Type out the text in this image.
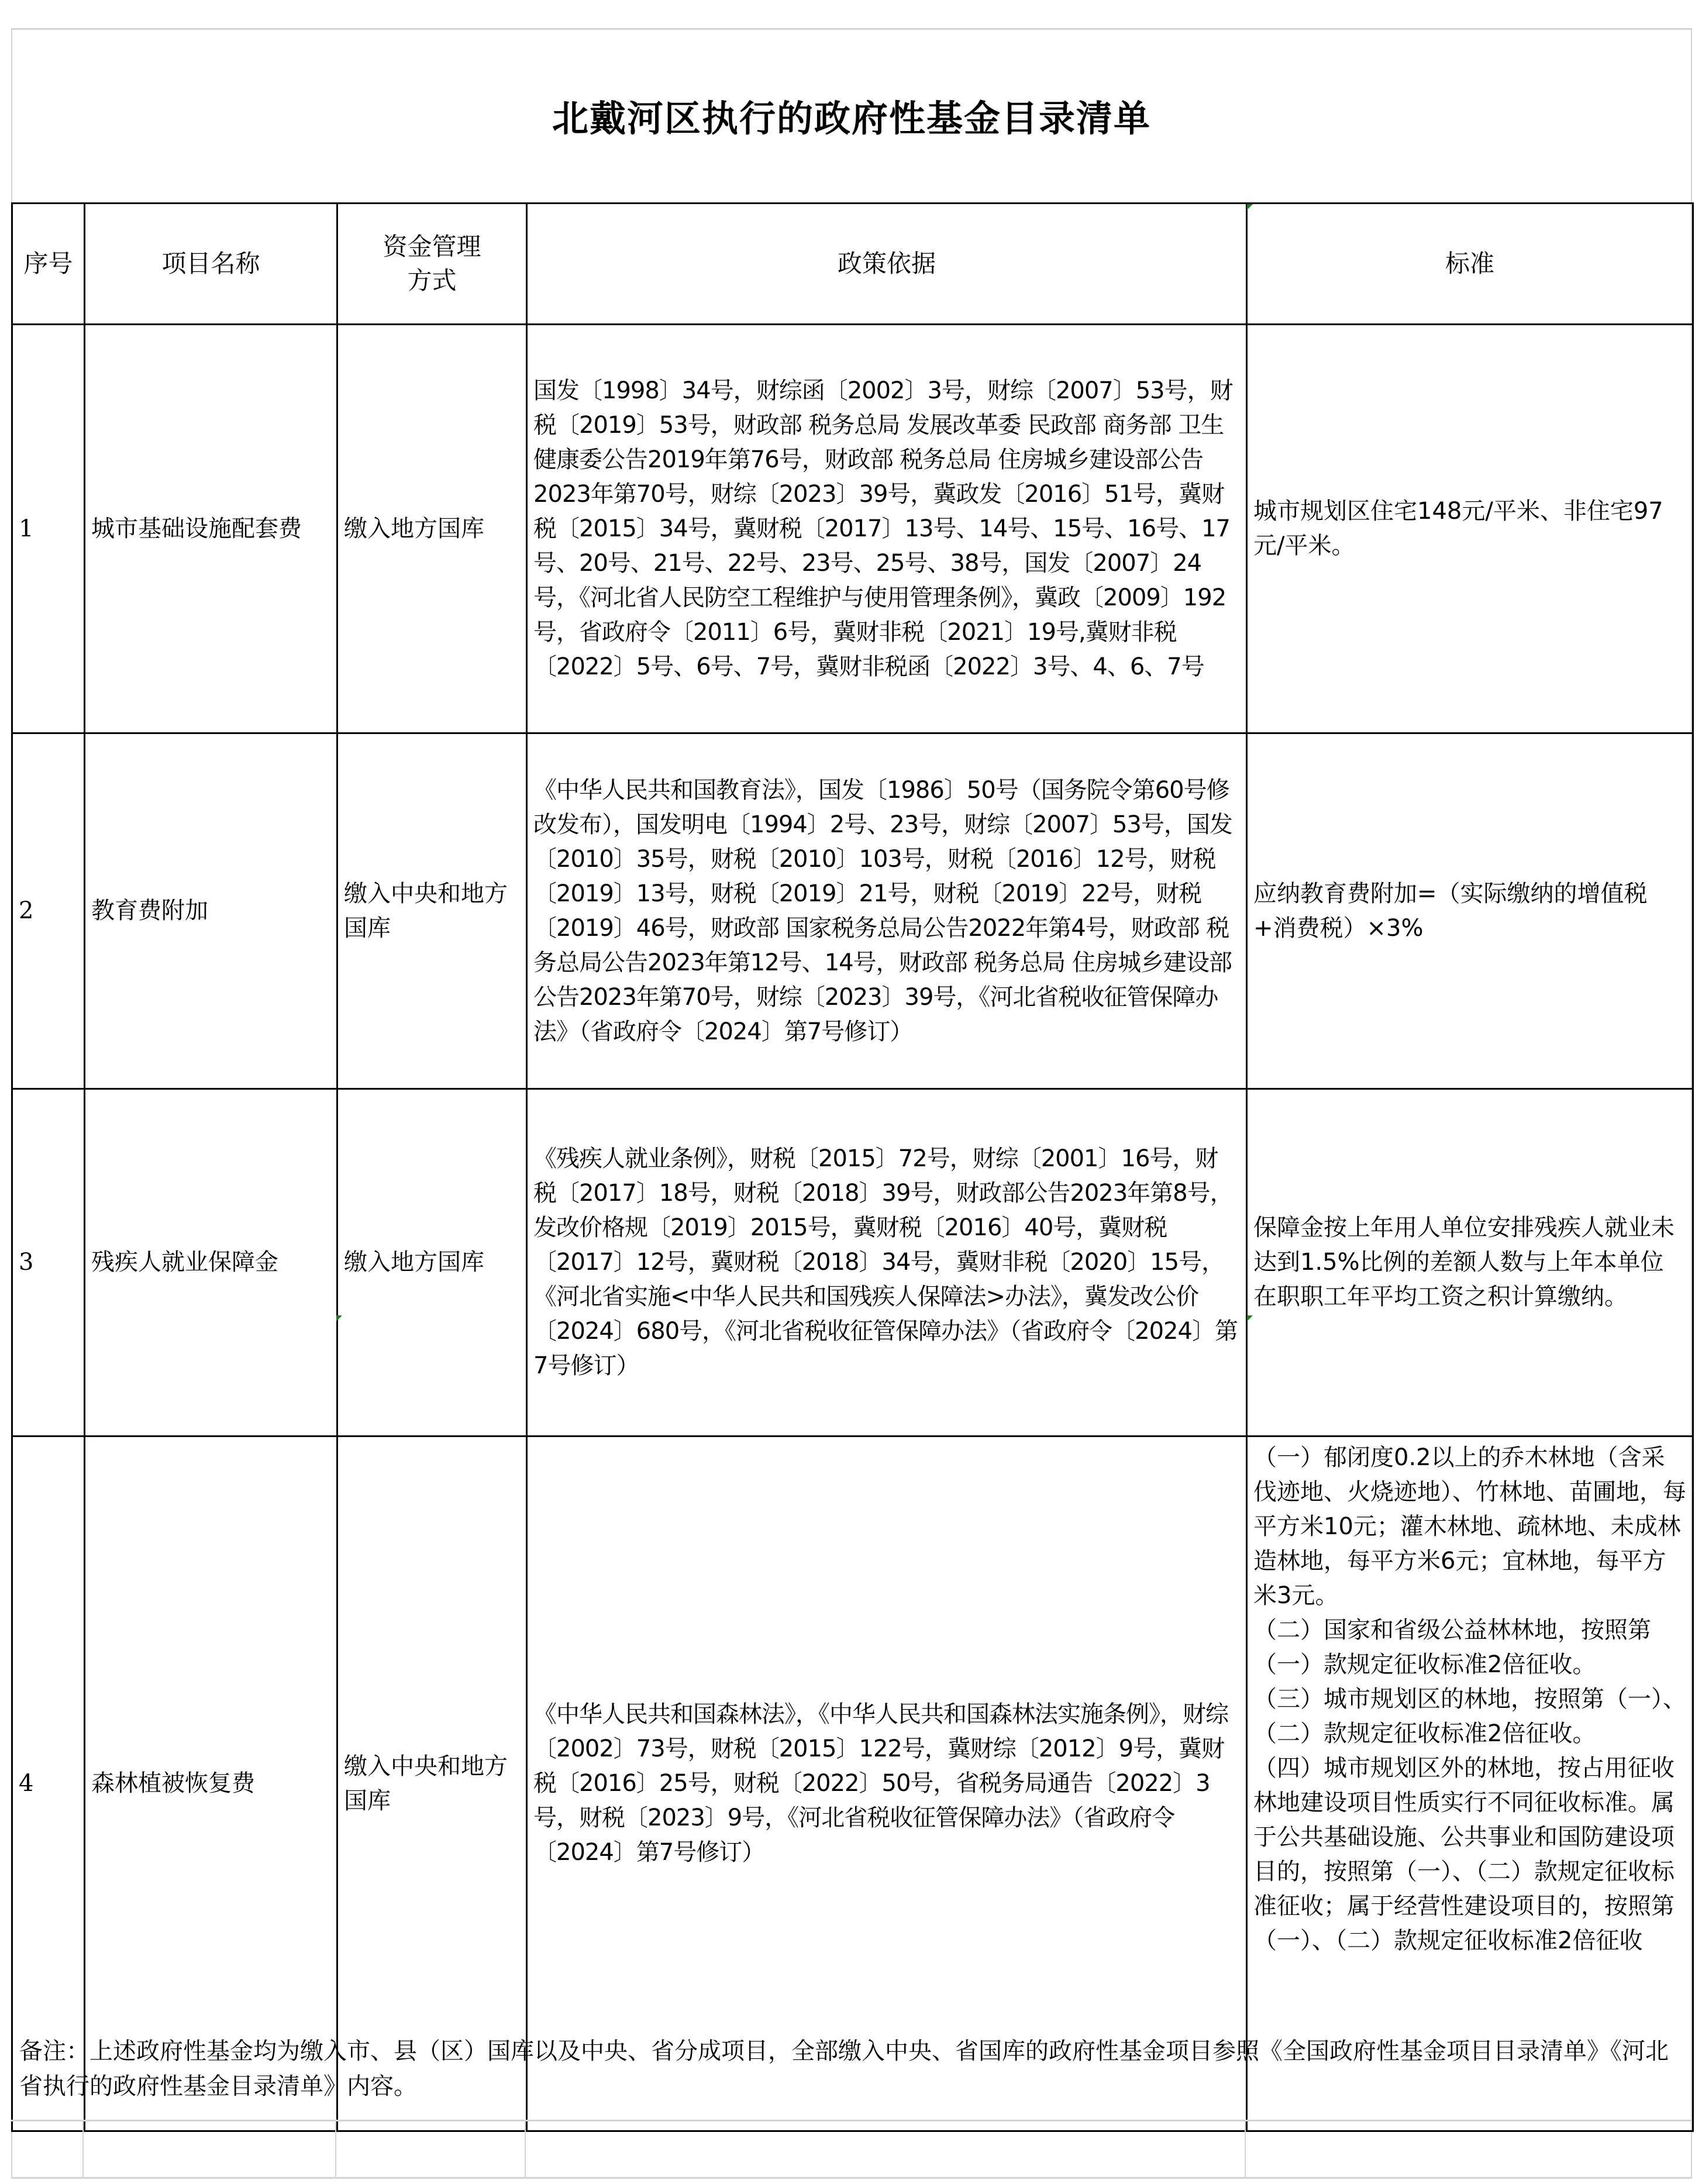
北戴河区执行的政府性基金目录清单
序号	项目名称	资金管理方式	政策依据	标准
1	城市基础设施配套费	缴入地方国库	国发〔1998〕34号，财综函〔2002〕3号，财综〔2007〕53号，财税〔2019〕53号，财政部 税务总局 发展改革委 民政部 商务部 卫生健康委公告2019年第76号，财政部 税务总局 住房城乡建设部公告2023年第70号，财综〔2023〕39号，冀政发〔2016〕51号，冀财税〔2015〕34号，冀财税〔2017〕13号、14号、15号、16号、17号、20号、21号、22号、23号、25号、38号，国发〔2007〕24号，《河北省人民防空工程维护与使用管理条例》，冀政〔2009〕192号，省政府令〔2011〕6号，冀财非税〔2021〕19号,冀财非税〔2022〕5号、6号、7号，冀财非税函〔2022〕3号、4、6、7号	城市规划区住宅148元/平米、非住宅97元/平米。

2	教育费附加	缴入中央和地方国库	《中华人民共和国教育法》，国发〔1986〕50号（国务院令第60号修改发布），国发明电〔1994〕2号、23号，财综〔2007〕53号，国发〔2010〕35号，财税〔2010〕103号，财税〔2016〕12号，财税〔2019〕13号，财税〔2019〕21号，财税〔2019〕22号，财税〔2019〕46号，财政部 国家税务总局公告2022年第4号，财政部 税务总局公告2023年第12号、14号，财政部 税务总局 住房城乡建设部公告2023年第70号，财综〔2023〕39号，《河北省税收征管保障办法》（省政府令〔2024〕第7号修订）	应纳教育费附加=（实际缴纳的增值税+消费税）×3%

3	残疾人就业保障金	缴入地方国库	《残疾人就业条例》，财税〔2015〕72号，财综〔2001〕16号，财税〔2017〕18号，财税〔2018〕39号，财政部公告2023年第8号，发改价格规〔2019〕2015号，冀财税〔2016〕40号，冀财税〔2017〕12号，冀财税〔2018〕34号，冀财非税〔2020〕15号，《河北省实施<中华人民共和国残疾人保障法>办法》，冀发改公价〔2024〕680号，《河北省税收征管保障办法》（省政府令〔2024〕第7号修订）	保障金按上年用人单位安排残疾人就业未达到1.5%比例的差额人数与上年本单位在职职工年平均工资之积计算缴纳。

4	森林植被恢复费	缴入中央和地方国库	《中华人民共和国森林法》，《中华人民共和国森林法实施条例》，财综〔2002〕73号，财税〔2015〕122号，冀财综〔2012〕9号，冀财税〔2016〕25号，财税〔2022〕50号，省税务局通告〔2022〕3号，财税〔2023〕9号，《河北省税收征管保障办法》（省政府令〔2024〕第7号修订）	（一）郁闭度0.2以上的乔木林地（含采伐迹地、火烧迹地）、竹林地、苗圃地，每平方米10元；灌木林地、疏林地、未成林造林地，每平方米6元；宜林地，每平方米3元。
（二）国家和省级公益林林地，按照第（一）款规定征收标准2倍征收。
（三）城市规划区的林地，按照第（一）、（二）款规定征收标准2倍征收。
（四）城市规划区外的林地，按占用征收林地建设项目性质实行不同征收标准。属于公共基础设施、公共事业和国防建设项目的，按照第（一）、（二）款规定征收标准征收；属于经营性建设项目的，按照第（一）、（二）款规定征收标准2倍征收
备注：上述政府性基金均为缴入市、县（区）国库以及中央、省分成项目，全部缴入中央、省国库的政府性基金项目参照《全国政府性基金项目目录清单》《河北省执行的政府性基金目录清单》内容。
